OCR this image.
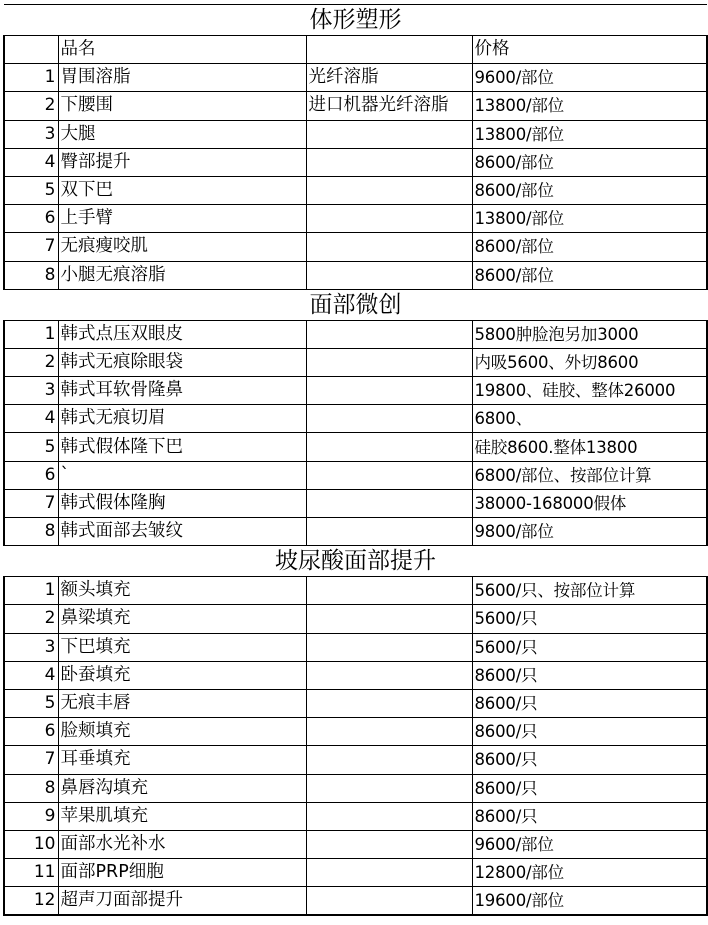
体形塑形			
	品名		价格
1	胃围溶脂	光纤溶脂	9600/部位
2	下腰围	进口机器光纤溶脂	13800/部位
3	大腿		13800/部位
4	臀部提升		8600/部位
5	双下巴		8600/部位
6	上手臂		13800/部位
7	无痕瘦咬肌		8600/部位
8	小腿无痕溶脂		8600/部位
面部微创			
1	韩式点压双眼皮		5800肿脸泡另加3000
2	韩式无痕除眼袋		内吸5600、外切8600
3	韩式耳软骨隆鼻		19800、硅胶、整体26000
4	韩式无痕切眉		6800、
5	韩式假体隆下巴		硅胶8600.整体13800
6	`		6800/部位、按部位计算
7	韩式假体隆胸		38000-168000假体
8	韩式面部去皱纹		9800/部位
坡尿酸面部提升			
1	额头填充		5600/只、按部位计算
2	鼻梁填充		5600/只
3	下巴填充		5600/只
4	卧蚕填充		8600/只
5	无痕丰唇		8600/只
6	脸颊填充		8600/只
7	耳垂填充		8600/只
8	鼻唇沟填充		8600/只
9	苹果肌填充		8600/只
10	面部水光补水		9600/部位
11	面部PRP细胞		12800/部位
12	超声刀面部提升		19600/部位
